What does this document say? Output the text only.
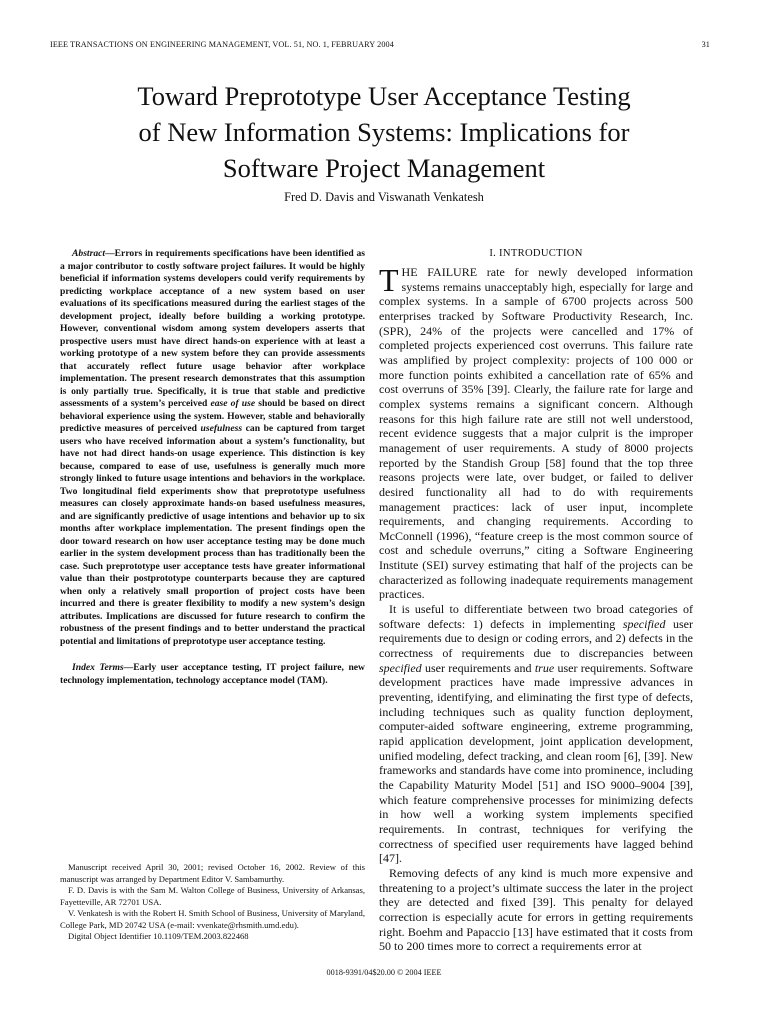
IEEE TRANSACTIONS ON ENGINEERING MANAGEMENT, VOL. 51, NO. 1, FEBRUARY 2004	31
Toward Preprototype User Acceptance Testing
of New Information Systems: Implications for
Software Project Management
Fred D. Davis and Viswanath Venkatesh

Abstract—Errors in requirements specifications have been identified as a major contributor to costly software project failures. It would be highly beneficial if information systems developers could verify requirements by predicting workplace acceptance of a new system based on user evaluations of its specifications measured during the earliest stages of the development project, ideally before building a working prototype. However, conventional wisdom among system developers asserts that prospective users must have direct hands-on experience with at least a working prototype of a new system before they can provide assessments that accurately reflect future usage behavior after workplace implementation. The present research demonstrates that this assumption is only partially true. Specifically, it is true that stable and predictive assessments of a system’s perceived ease of use should be based on direct behavioral experience using the system. However, stable and behaviorally predictive measures of perceived usefulness can be captured from target users who have received information about a system’s functionality, but have not had direct hands-on usage experience. This distinction is key because, compared to ease of use, usefulness is generally much more strongly linked to future usage intentions and behaviors in the workplace. Two longitudinal field experiments show that preprototype usefulness measures can closely approximate hands-on based usefulness measures, and are significantly predictive of usage intentions and behavior up to six months after workplace implementation. The present findings open the door toward research on how user acceptance testing may be done much earlier in the system development process than has traditionally been the case. Such preprototype user acceptance tests have greater informational value than their postprototype counterparts because they are captured when only a relatively small proportion of project costs have been incurred and there is greater flexibility to modify a new system’s design attributes. Implications are discussed for future research to confirm the robustness of the present findings and to better understand the practical potential and limitations of preprototype user acceptance testing.

Index Terms—Early user acceptance testing, IT project failure, new technology implementation, technology acceptance model (TAM).

Manuscript received April 30, 2001; revised October 16, 2002. Review of this manuscript was arranged by Department Editor V. Sambamurthy.

F. D. Davis is with the Sam M. Walton College of Business, University of Arkansas, Fayetteville, AR 72701 USA.

V. Venkatesh is with the Robert H. Smith School of Business, University of Maryland, College Park, MD 20742 USA (e-mail: vvenkate@rhsmith.umd.edu).

Digital Object Identifier 10.1109/TEM.2003.822468

I. INTRODUCTION

THE FAILURE rate for newly developed information systems remains unacceptably high, especially for large and complex systems. In a sample of 6700 projects across 500 enterprises tracked by Software Productivity Research, Inc. (SPR), 24% of the projects were cancelled and 17% of completed projects experienced cost overruns. This failure rate was amplified by project complexity: projects of 100 000 or more function points exhibited a cancellation rate of 65% and cost overruns of 35% [39]. Clearly, the failure rate for large and complex systems remains a significant concern. Although reasons for this high failure rate are still not well understood, recent evidence suggests that a major culprit is the improper management of user requirements. A study of 8000 projects reported by the Standish Group [58] found that the top three reasons projects were late, over budget, or failed to deliver desired functionality all had to do with requirements management practices: lack of user input, incomplete requirements, and changing requirements. According to McConnell (1996), “feature creep is the most common source of cost and schedule overruns,” citing a Software Engineering Institute (SEI) survey estimating that half of the projects can be characterized as following inadequate requirements management practices.

It is useful to differentiate between two broad categories of software defects: 1) defects in implementing specified user requirements due to design or coding errors, and 2) defects in the correctness of requirements due to discrepancies between specified user requirements and true user requirements. Software development practices have made impressive advances in preventing, identifying, and eliminating the first type of defects, including techniques such as quality function deployment, computer-aided software engineering, extreme programming, rapid application development, joint application development, unified modeling, defect tracking, and clean room [6], [39]. New frameworks and standards have come into prominence, including the Capability Maturity Model [51] and ISO 9000–9004 [39], which feature comprehensive processes for minimizing defects in how well a working system implements specified requirements. In contrast, techniques for verifying the correctness of specified user requirements have lagged behind [47].

Removing defects of any kind is much more expensive and threatening to a project’s ultimate success the later in the project they are detected and fixed [39]. This penalty for delayed correction is especially acute for errors in getting requirements right. Boehm and Papaccio [13] have estimated that it costs from 50 to 200 times more to correct a requirements error at

0018-9391/04$20.00 © 2004 IEEE
